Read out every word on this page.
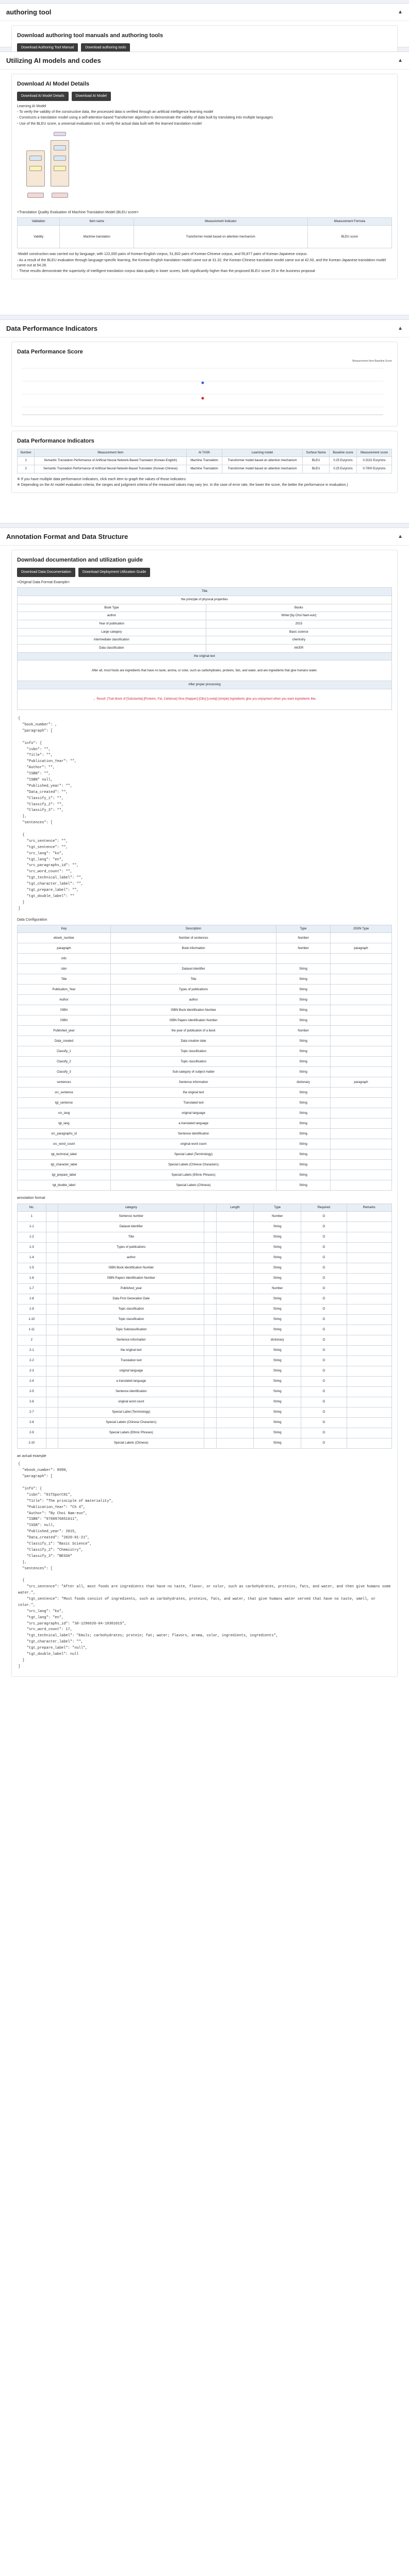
authoring tool	▲
Download authoring tool manuals and authoring tools
Download Authoring Tool Manual	Download authoring tools
Utilizing AI models and codes	▲
Download AI Model Details
Download AI Model Details	Download AI Model

Learning AI Model

- To verify the validity of the constructive data, the processed data is verified through an artificial intelligence learning model

- Constructs a translation model using a self-attention-based Transformer algorithm to demonstrate the validity of data built by translating into multiple languages

- Use of the BLEU score, a universal evaluation tool, to verify the actual data built with the learned translation model

<Translation Quality Evaluation of Machine Translation Model (BLEU score>

Validation	Item name	Measurement Indicator	Measurement Formula
Validity	Machine translation	Transformer model based on attention mechanism	BLEU score

-Model construction was carried out by language, with 122,000 pairs of Korean-English corpus, 51,602 pairs of Korean-Chinese corpus, and 55,877 pairs of Korean-Japanese corpus.

- As a result of the BLEU evaluation through language-specific learning, the Korean-English translation model came out at 31.32, the Korean-Chinese translation model came out at 42.50, and the Korean-Japanese translation model came out at 54.28.

- These results demonstrate the superiority of intelligent translation corpus data quality in lower scores, both significantly higher than the proposed BLEU score 25 in the business proposal

Data Performance Indicators	▲
Data Performance Score
Measurement Item Baseline Score
Data Performance Indicators
Number	Measurement Item	AI TASK	Learning model	Surface Name	Baseline score	Measurement score
1	Semantic Translation Performance of Artificial Neural Network-Based Translator (Korean-English)	Machine Translation	Transformer model based on attention mechanism	BLEU	0.25 Euryrons	0.3132 Euryrons
2	Semantic Translation Performance of Artificial Neural Network-Based Translator (Korean-Chinese)	Machine Translation	Transformer model based on attention mechanism	BLEU	0.25 Euryrons	0.7000 Euryrons

※ If you have multiple data performance indicators, click each item to graph the values of those indicators.

※ Depending on the AI model evaluation criteria, the ranges and judgment criteria of the measured values may vary (ex. In the case of error rate, the lower the score, the better the performance in evaluation.)

Annotation Format and Data Structure	▲
Download documentation and utilization guide
Download Data Documentation	Download Deployment Utilization Guide

<Original Data Format Example>

Title	
the principle of physical properties	
Book Type	Books
author	Writer:[by Choi Nam-eun]
Year of publication	2015
Large category	Basic science
intermediate classification	chemistry
Data classification	AK/ER
the original text	
After all, most foods are ingredients that have no taste, aroma, or color, such as carbohydrates, proteins, fats, and water, and are ingredients that give humans water.	
After proper processing	
→ Result: [Trait block of [Substantia] [Proteins, Fat, Cellulose] Give [Happen] [Oils] [Lovely] [simple] ingredients give you enjoyment when you want ingredients like.	
{
"book_number": ,
"paragraph": [

"info": {
"isbn": "",
"Title": "",
"Publication_Year": "",
"Author": "",
"ISBN": "",
"ISBN" null,
"Published_year": "",
"Data_created": "",
"Classify_1": "",
"Classify_2": "",
"Classify_3": "",
},
"sentences": [

{
"src_sentence": "",
"tgt_sentence": "",
"src_lang": "ko",
"tgt_lang": "en",
"src_paragraphs_id": "",
"src_word_count": "",
"tgt_technical_label": "",
"tgt_character_label": "",
"tgt_prepare_label": "",
"tgt_double_label": ""
}
]

Data Configuration

Key	Description	Type	JSON Type
ebook_number	Number of sentences	Number	
paragraph	Book information	Number	paragraph
info			
isbn	Dataset identifier	String	
Title	Title	String	
Publication_Year	Types of publications	String	
Author	author	String	
ISBN	ISBN Book Identification Number	String	
ISBN	ISBN Papers Identification Number	String	
Published_year	the year of publication of a book	Number	
Data_created	Data creation date	String	
Classify_1	Topic classification	String	
Classify_2	Topic classification	String	
Classify_3	Sub-category of subject matter	String	
sentences	Sentence information	dictionary	paragraph
src_sentence	the original text	String	
tgt_sentence	Translated text	String	
src_lang	original language	String	
tgt_lang	a translated language	String	
src_paragraphs_id	Sentence identification	String	
src_word_count	original word count	String	
tgt_technical_label	Special Label (Terminology)	String	
tgt_character_label	Special Labels (Chinese Characters)	String	
tgt_prepare_label	Special Labels (Ethnic Phrases)	String	
tgt_double_label	Special Labels (Chinese)	String	

annotation format

No.		category		Length	Type	Required	Remarks
1		Sentence number			Number	O	
1-1		Dataset identifier			String	O	
1-2		Title			String	O	
1-3		Types of publications			String	O	
1-4		author			String	O	
1-5		ISBN Book Identification Number			String	O	
1-6		ISBN Papers Identification Number			String	O	
1-7		Published_year			Number	O	
1-8		Data First Generation Date			String	O	
1-9		Topic classification			String	O	
1-10		Topic classification			String	O	
1-11		Topic Subclassification			String	O	
2		Sentence information			dictionary	O	
2-1		the original text			String	O	
2-2		Translation text			String	O	
2-3		original language			String	O	
2-4		a translated language			String	O	
2-5		Sentence identification			String	O	
2-6		original word count			String	O	
2-7		Special Label (Terminology)			String	O	
2-8		Special Labels (Chinese Characters)			String	O	
2-9		Special Labels (Ethnic Phrases)			String	O	
2-10		Special Labels (Chinese)			String	O	

an actual example

{
"ebook_number": 8990,
"paragraph": [

"info": {
"isbn": "01TSporC01",
"Title": "The principle of materiality",
"Publication_Year": "Ch 4",
"Author": "By Choi Nam-eun",
"ISBN": "9788976851011",
"ISSN": null,
"Published_year": 2015,
"Data_created": "2020-01-21",
"Classify_1": "Basic Science",
"Classify_2": "Chemistry",
"Classify_3": "BESSH"
},
"sentences": [

{
"src_sentence": "After all, most foods are ingredients that have no taste, flavor, or color, such as carbohydrates, proteins, fats, and water, and then give humans some water.",
"tgt_sentence": "Most foods consist of ingredients, such as carbohydrates, proteins, fats, and water, that give humans water served that have no taste, smell, or color.",
"src_lang": "ko",
"tgt_lang": "en",
"src_paragraphs_id": "30-1296620-04-1030101S",
"src_word_count": 17,
"tgt_technical_label": "Emuls; carbohydrates; protein; fat; water; flavors, aroma, color, ingredients, ingredients",
"tgt_character_label": "",
"tgt_prepare_label": "null",
"tgt_double_label": null
}
]
